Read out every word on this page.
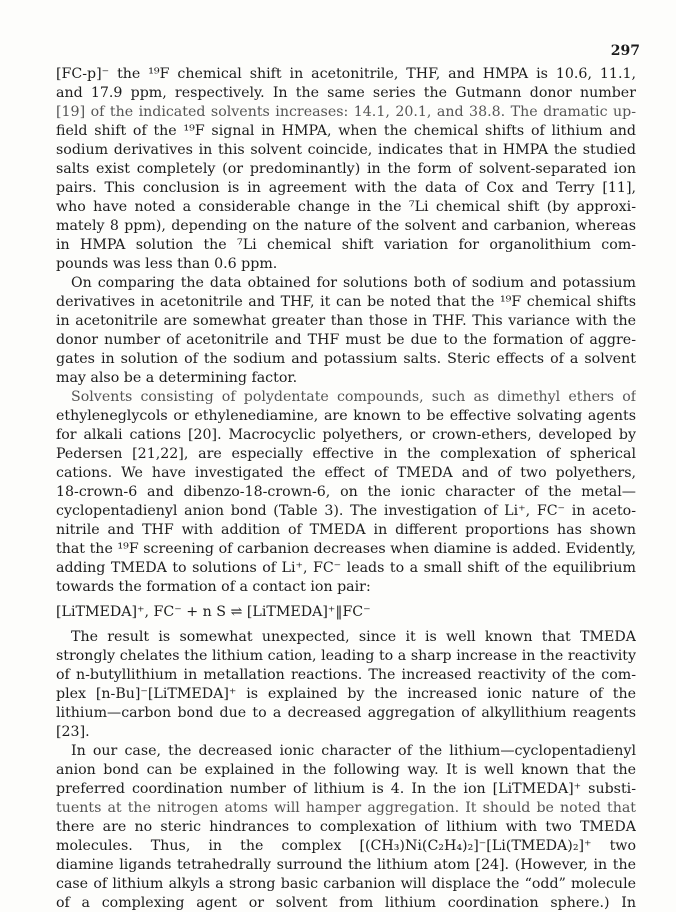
297
[FC-p]⁻ the ¹⁹F chemical shift in acetonitrile, THF, and HMPA is 10.6, 11.1,
and 17.9 ppm, respectively. In the same series the Gutmann donor number
[19] of the indicated solvents increases: 14.1, 20.1, and 38.8. The dramatic up-
field shift of the ¹⁹F signal in HMPA, when the chemical shifts of lithium and
sodium derivatives in this solvent coincide, indicates that in HMPA the studied
salts exist completely (or predominantly) in the form of solvent-separated ion
pairs. This conclusion is in agreement with the data of Cox and Terry [11],
who have noted a considerable change in the ⁷Li chemical shift (by approxi-
mately 8 ppm), depending on the nature of the solvent and carbanion, whereas
in HMPA solution the ⁷Li chemical shift variation for organolithium com-
pounds was less than 0.6 ppm.
On comparing the data obtained for solutions both of sodium and potassium
derivatives in acetonitrile and THF, it can be noted that the ¹⁹F chemical shifts
in acetonitrile are somewhat greater than those in THF. This variance with the
donor number of acetonitrile and THF must be due to the formation of aggre-
gates in solution of the sodium and potassium salts. Steric effects of a solvent
may also be a determining factor.
Solvents consisting of polydentate compounds, such as dimethyl ethers of
ethyleneglycols or ethylenediamine, are known to be effective solvating agents
for alkali cations [20]. Macrocyclic polyethers, or crown-ethers, developed by
Pedersen [21,22], are especially effective in the complexation of spherical
cations. We have investigated the effect of TMEDA and of two polyethers,
18-crown-6 and dibenzo-18-crown-6, on the ionic character of the metal—
cyclopentadienyl anion bond (Table 3). The investigation of Li⁺, FC⁻ in aceto-
nitrile and THF with addition of TMEDA in different proportions has shown
that the ¹⁹F screening of carbanion decreases when diamine is added. Evidently,
adding TMEDA to solutions of Li⁺, FC⁻ leads to a small shift of the equilibrium
towards the formation of a contact ion pair:
[LiTMEDA]⁺, FC⁻ + n S ⇌ [LiTMEDA]⁺‖FC⁻
The result is somewhat unexpected, since it is well known that TMEDA
strongly chelates the lithium cation, leading to a sharp increase in the reactivity
of n-butyllithium in metallation reactions. The increased reactivity of the com-
plex [n-Bu]⁻[LiTMEDA]⁺ is explained by the increased ionic nature of the
lithium—carbon bond due to a decreased aggregation of alkyllithium reagents
[23].
In our case, the decreased ionic character of the lithium—cyclopentadienyl
anion bond can be explained in the following way. It is well known that the
preferred coordination number of lithium is 4. In the ion [LiTMEDA]⁺ substi-
tuents at the nitrogen atoms will hamper aggregation. It should be noted that
there are no steric hindrances to complexation of lithium with two TMEDA
molecules. Thus, in the complex [(CH₃)Ni(C₂H₄)₂]⁻[Li(TMEDA)₂]⁺ two
diamine ligands tetrahedrally surround the lithium atom [24]. (However, in the
case of lithium alkyls a strong basic carbanion will displace the “odd” molecule
of a complexing agent or solvent from lithium coordination sphere.) In
